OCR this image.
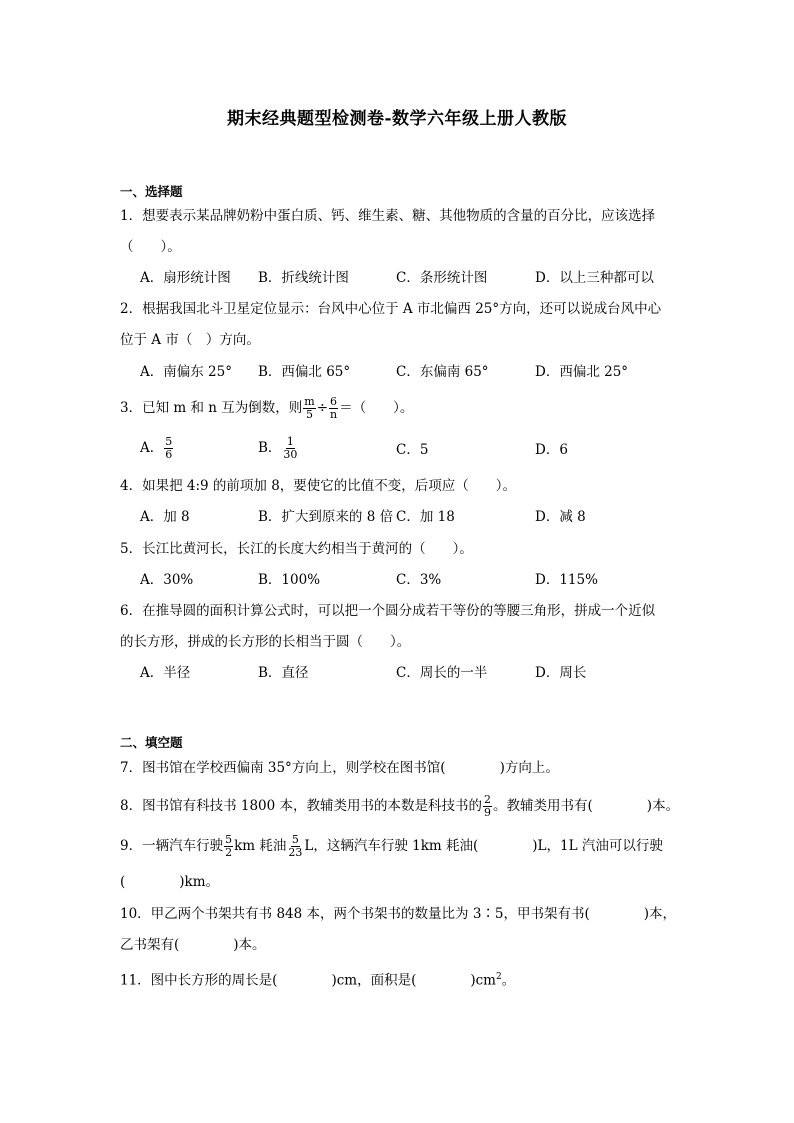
期末经典题型检测卷-数学六年级上册人教版
一、选择题
1．想要表示某品牌奶粉中蛋白质、钙、维生素、糖、其他物质的含量的百分比，应该选择
（　　）。
A．扇形统计图 B．折线统计图	C．条形统计图	D．以上三种都可以
2．根据我国北斗卫星定位显示：台风中心位于 A 市北偏西 25°方向，还可以说成台风中心
位于 A 市（　）方向。
A．南偏东 25° B．西偏北 65°	C．东偏南 65°	D．西偏北 25°
3．已知 m 和 n 互为倒数，则 $\frac{m}{5} \div \frac{6}{n}$ ＝（　　）。
A． $\frac{5}{6}$	B． $\frac{1}{30}$	C．5	D．6
4．如果把 4:9 的前项加 8，要使它的比值不变，后项应（　　）。
A．加 8	B．扩大到原来的 8 倍 C．加 18	D．减 8
5．长江比黄河长，长江的长度大约相当于黄河的（　　）。
A．30%	B．100%	C．3%	D．115%
6．在推导圆的面积计算公式时，可以把一个圆分成若干等份的等腰三角形，拼成一个近似
的长方形，拼成的长方形的长相当于圆（　　）。
A．半径	B．直径	C．周长的一半	D．周长
二、填空题
7．图书馆在学校西偏南 35°方向上，则学校在图书馆(　　　　)方向上。
8．图书馆有科技书 1800 本，教辅类用书的本数是科技书的 $\frac{2}{9}$ 。教辅类用书有(　　　　)本。
9．一辆汽车行驶 $\frac{5}{2}$ km 耗油 $\frac{5}{23}$ L，这辆汽车行驶 1km 耗油(　　　　)L，1L 汽油可以行驶
(　　　　)km。
10．甲乙两个书架共有书 848 本，两个书架书的数量比为 3∶5，甲书架有书(　　　　)本，
乙书架有(　　　　)本。
11．图中长方形的周长是(　　　　)cm，面积是(　　　　)$cm^2$。
